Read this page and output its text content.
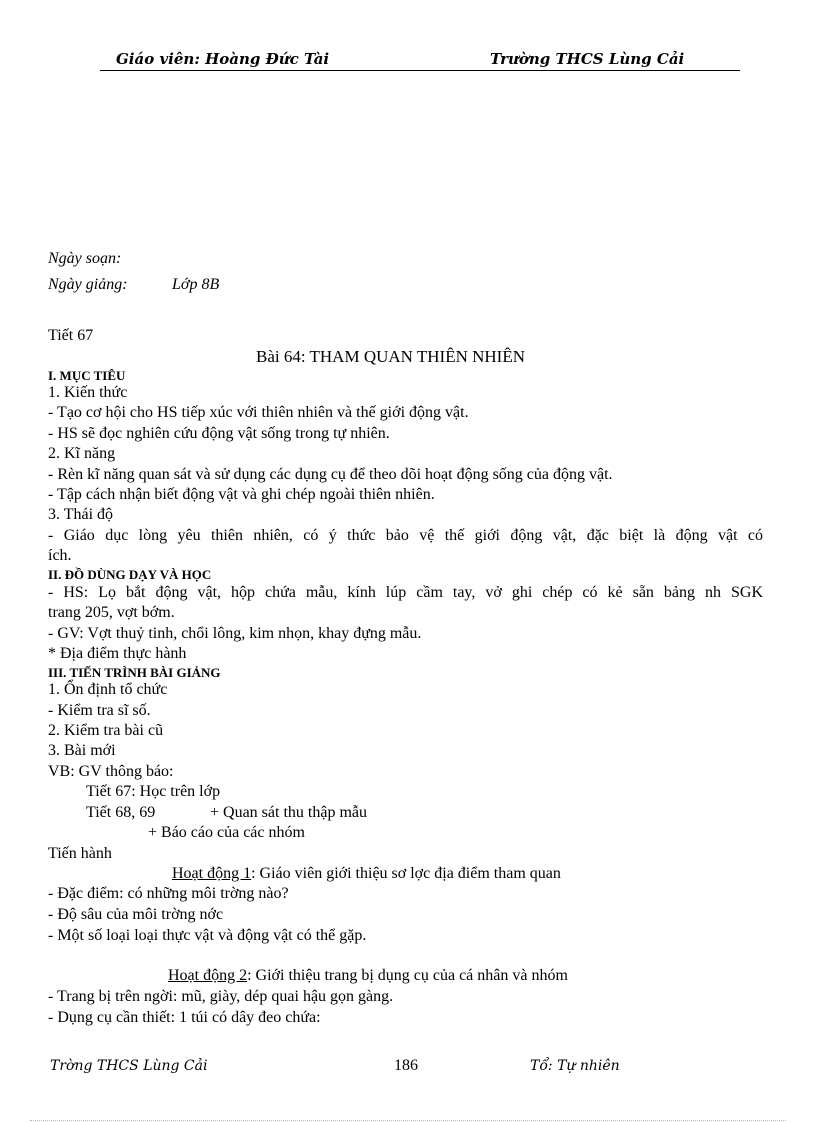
Giáo viên: Hoàng Đức Tài	Trường THCS Lùng Cải
Ngày soạn:
Ngày giảng:	Lớp 8B
Tiết 67
Bài 64: THAM QUAN THIÊN NHIÊN
I. MỤC TIÊU
1. Kiến thức
- Tạo cơ hội cho HS tiếp xúc với thiên nhiên và thế giới động vật.
- HS sẽ đọc nghiên cứu động vật sống trong tự nhiên.
2. Kĩ năng
- Rèn kĩ năng quan sát và sử dụng các dụng cụ để theo dõi hoạt động sống của động vật.
- Tập cách nhận biết động vật và ghi chép ngoài thiên nhiên.
3. Thái độ
- Giáo dục lòng yêu thiên nhiên, có ý thức bảo vệ thế giới động vật, đặc biệt là động vật có
ích.
II. ĐỒ DÙNG DẠY VÀ HỌC
- HS: Lọ bắt động vật, hộp chứa mẫu, kính lúp cầm tay, vở ghi chép có kẻ sẵn bảng nh SGK
trang 205, vợt bớm.
- GV: Vợt thuỷ tinh, chổi lông, kim nhọn, khay đựng mẫu.
* Địa điểm thực hành
III. TIẾN TRÌNH BÀI GIẢNG
1. Ổn định tổ chức
- Kiểm tra sĩ số.
2. Kiểm tra bài cũ
3. Bài mới
VB: GV thông báo:
Tiết 67: Học trên lớp
Tiết 68, 69	+ Quan sát thu thập mẫu
+ Báo cáo của các nhóm
Tiến hành
Hoạt động 1: Giáo viên giới thiệu sơ lợc địa điểm tham quan
- Đặc điểm: có những môi trờng nào?
- Độ sâu của môi trờng nớc
- Một số loại loại thực vật và động vật có thể gặp.
Hoạt động 2: Giới thiệu trang bị dụng cụ của cá nhân và nhóm
- Trang bị trên ngời: mũ, giày, dép quai hậu gọn gàng.
- Dụng cụ cần thiết: 1 túi có dây đeo chứa:
Trờng THCS Lùng Cải	186	Tổ: Tự nhiên
